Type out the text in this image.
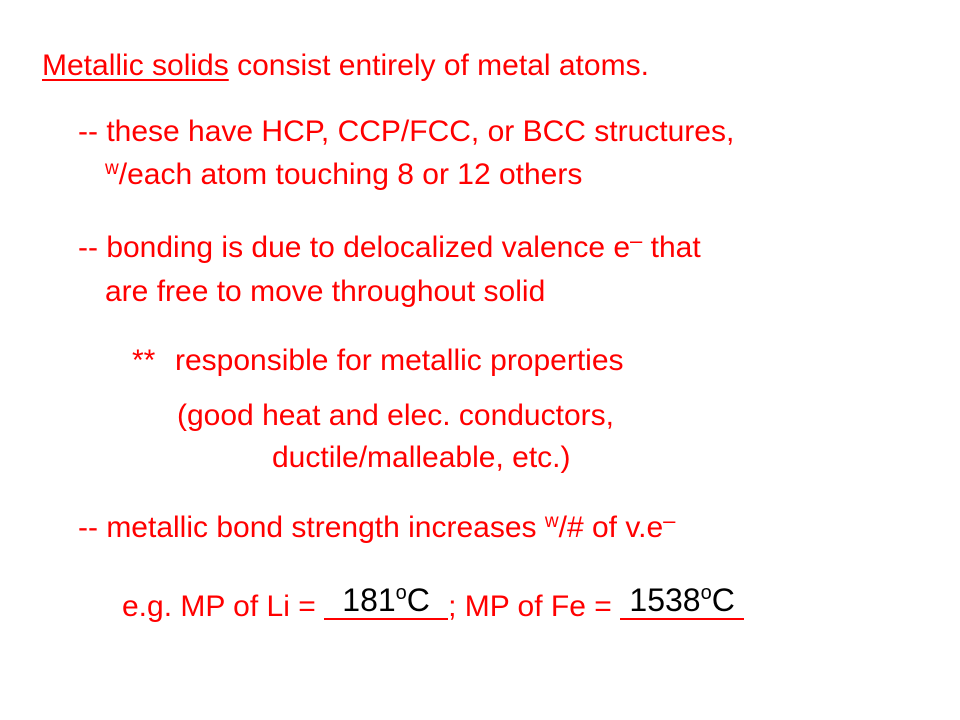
Metallic solids consist entirely of metal atoms.
-- these have HCP, CCP/FCC, or BCC structures,
$^w$/each atom touching 8 or 12 others
-- bonding is due to delocalized valence e– that
are free to move throughout solid
** responsible for metallic properties
(good heat and elec. conductors,
ductile/malleable, etc.)
-- metallic bond strength increases $^w$/# of v.e–
e.g. MP of $Li = 181^oC$ ; MP of $Fe = 1538^oC$
